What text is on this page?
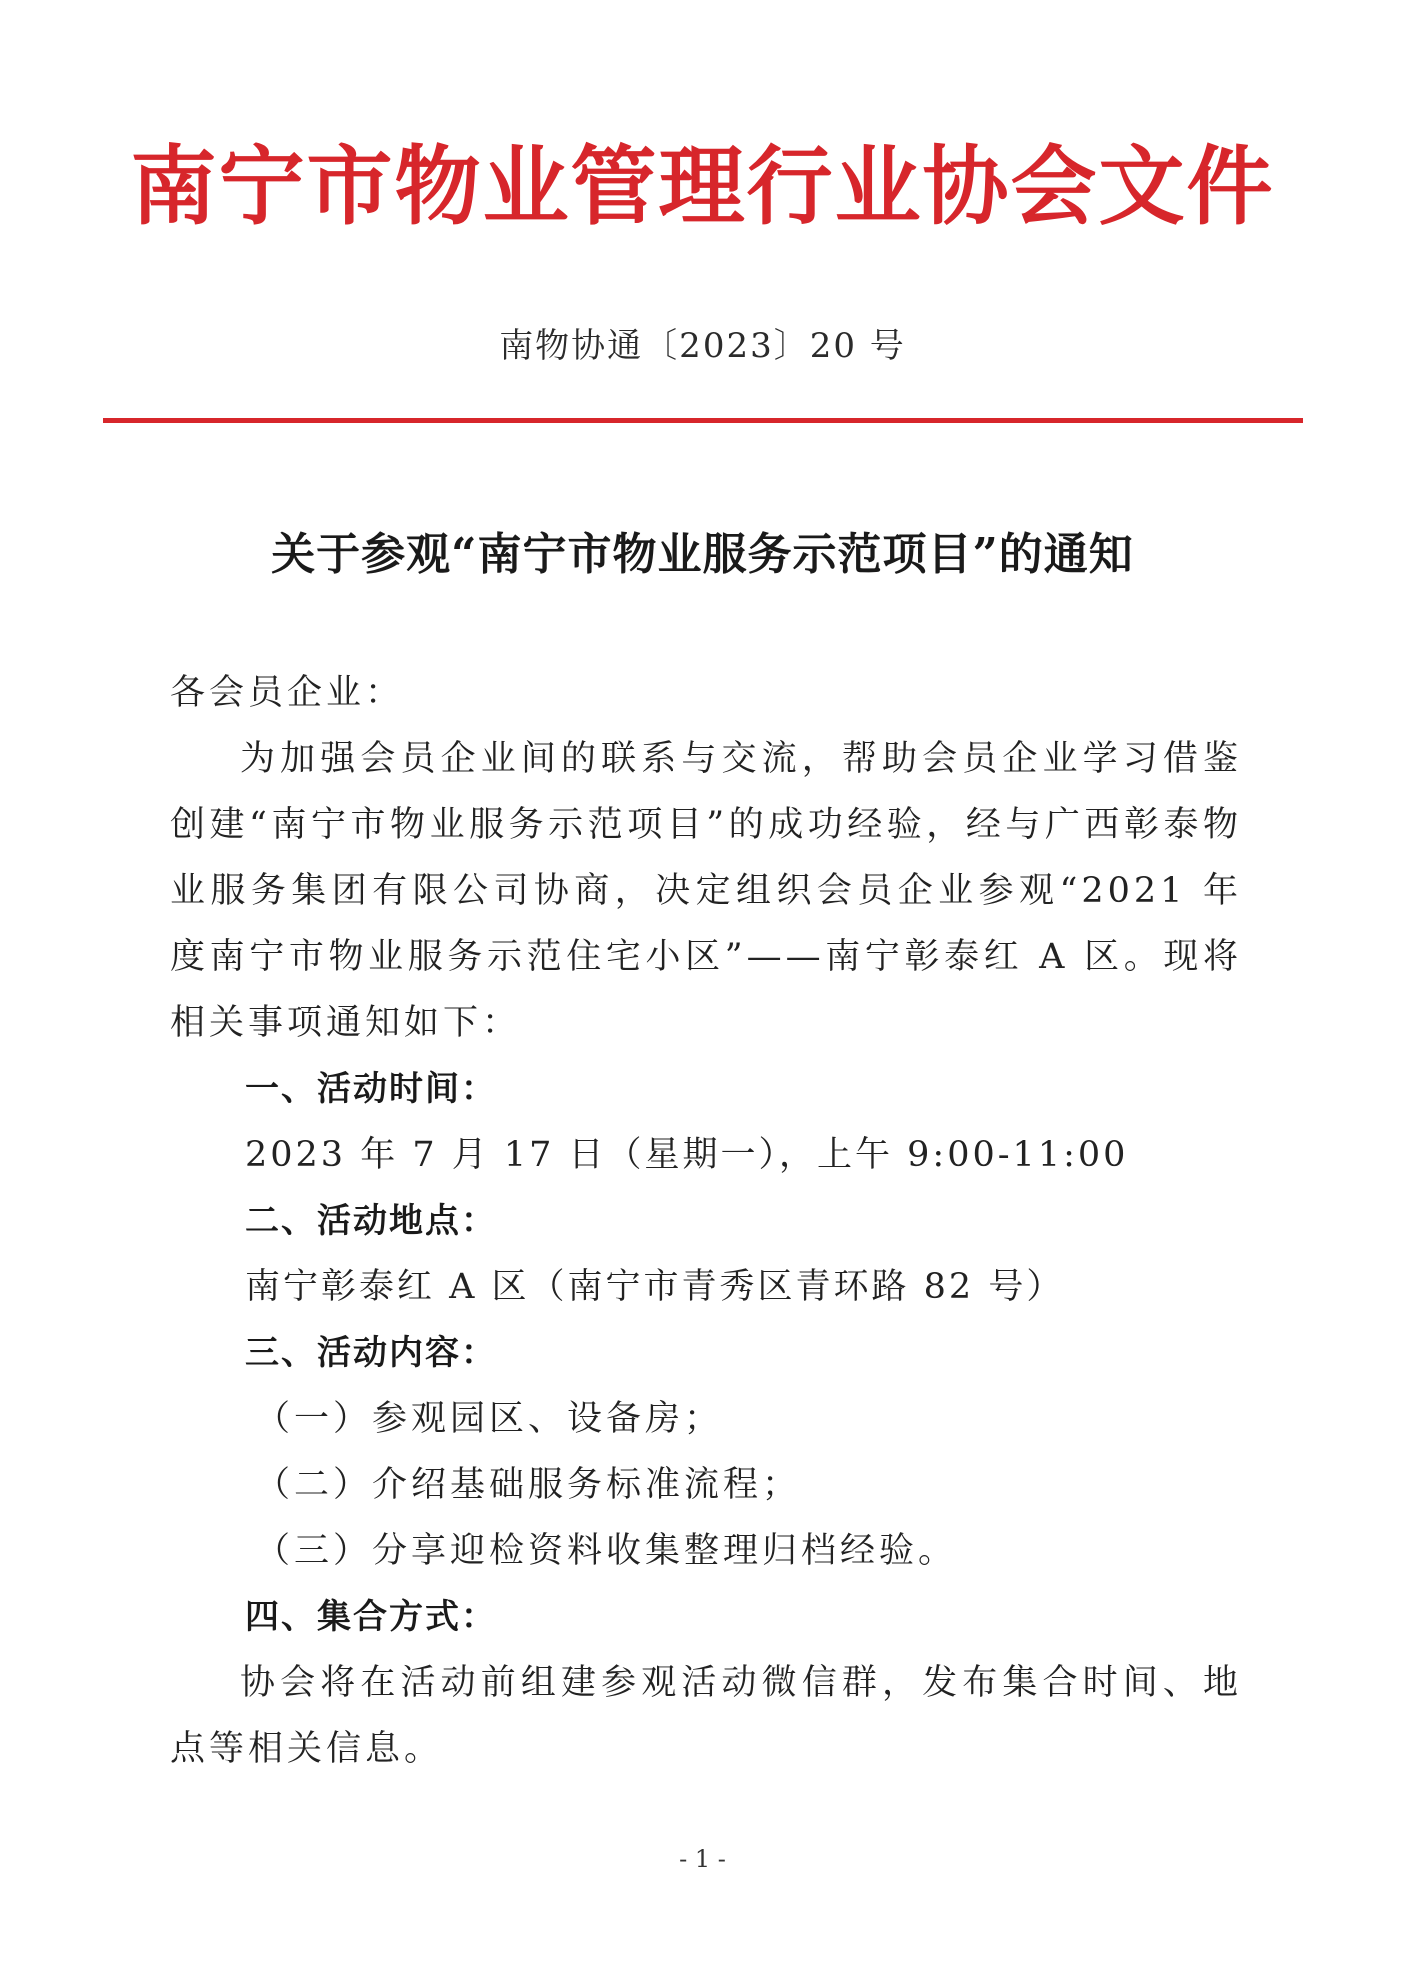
南宁市物业管理行业协会文件
南物协通〔2023〕20 号
关于参观“南宁市物业服务示范项目”的通知
各会员企业：
为加强会员企业间的联系与交流，帮助会员企业学习借鉴创建“南宁市物业服务示范项目”的成功经验，经与广西彰泰物业服务集团有限公司协商，决定组织会员企业参观“2021 年度南宁市物业服务示范住宅小区”——南宁彰泰红 A 区。现将相关事项通知如下：
一、活动时间：
2023 年 7 月 17 日（星期一），上午 9:00-11:00
二、活动地点：
南宁彰泰红 A 区（南宁市青秀区青环路 82 号）
三、活动内容：
（一）参观园区、设备房；
（二）介绍基础服务标准流程；
（三）分享迎检资料收集整理归档经验。
四、集合方式：
协会将在活动前组建参观活动微信群，发布集合时间、地点等相关信息。
- 1 -
